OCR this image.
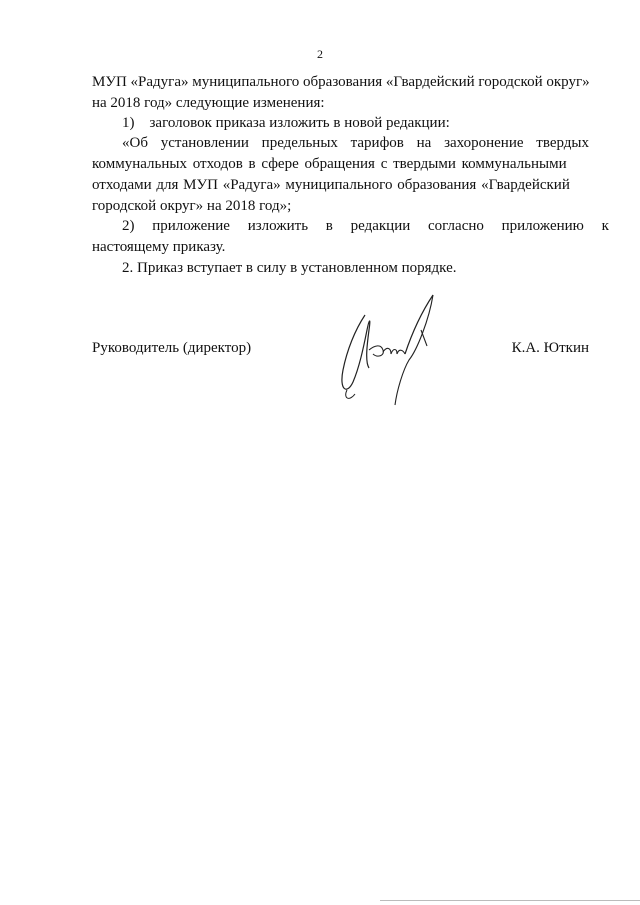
2
МУП «Радуга» муниципального образования «Гвардейский городской округ»
на 2018 год» следующие изменения:
1)    заголовок приказа изложить в новой редакции:
«Об установлении предельных тарифов на захоронение твердых
коммунальных отходов в сфере обращения с твердыми коммунальными
отходами для МУП «Радуга» муниципального образования «Гвардейский
городской округ» на 2018 год»;
2) приложение изложить в редакции согласно приложению к
настоящему приказу.
2. Приказ вступает в силу в установленном порядке.
Руководитель (директор)	К.А. Юткин
